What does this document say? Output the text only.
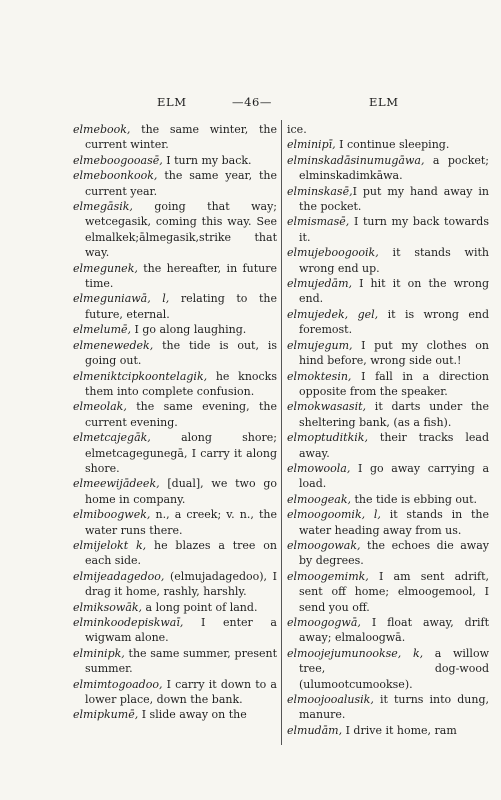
ELM	—46—	ELM

elmebook, the same winter, the current winter.

elmeboogooasē, I turn my back.

elmeboonkook, the same year, the current year.

elmegāsik, going that way; wetcegasik, coming this way. See elmalkek;ālmegasik,strike that way.

elmegunek, the hereafter, in future time.

elmeguniawā, l, relating to the future, eternal.

elmelumē, I go along laughing.

elmenewedek, the tide is out, is going out.

elmeniktcipkoontelagik, he knocks them into complete confusion.

elmeolak, the same evening, the current evening.

elmetcajegāk, along shore; elmetcagegunegā, I carry it along shore.

elmeewijādeek, [dual], we two go home in company.

elmiboogwek, n., a creek; v. n., the water runs there.

elmijelokt k, he blazes a tree on each side.

elmijeadagedoo, (elmujadagedoo), I drag it home, rashly, harshly.

elmiksowāk, a long point of land.

elminkoodepiskwaī, I enter a wigwam alone.

elminipk, the same summer, present summer.

elmimtogoadoo, I carry it down to a lower place, down the bank.

elmipkumē, I slide away on the

ice.

elminipī, I continue sleeping.

elminskadāsinumugāwa, a pocket; elminskadimkāwa.

elminskasē,I put my hand away in the pocket.

elmismasē, I turn my back towards it.

elmujeboogooik, it stands with wrong end up.

elmujedām, I hit it on the wrong end.

elmujedek, gel, it is wrong end foremost.

elmujegum, I put my clothes on hind before, wrong side out.!

elmoktesin, I fall in a direction opposite from the speaker.

elmokwasasit, it darts under the sheltering bank, (as a fish).

elmoptuditkik, their tracks lead away.

elmowoola, I go away carrying a load.

elmoogeak, the tide is ebbing out.

elmoogoomik, l, it stands in the water heading away from us.

elmoogowak, the echoes die away by degrees.

elmoogemimk, I am sent adrift, sent off home; elmoogemool, I send you off.

elmoogogwā, I float away, drift away; elmaloogwā.

elmoojejumunookse, k, a willow tree, dog-wood (ulumootcumookse).

elmoojooalusik, it turns into dung, manure.

elmudām, I drive it home, ram
